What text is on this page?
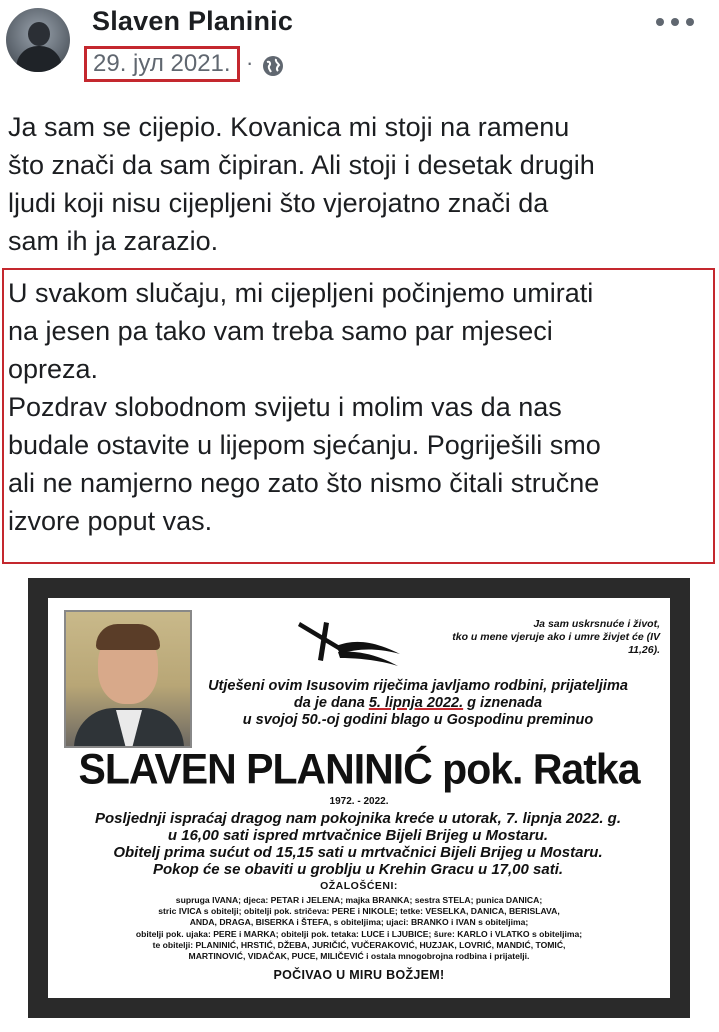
Slaven Planinic
29. јул 2021. ·

Ja sam se cijepio. Kovanica mi stoji na ramenu

što znači da sam čipiran. Ali stoji i desetak drugih

ljudi koji nisu cijepljeni što vjerojatno znači da

sam ih ja zarazio.

U svakom slučaju, mi cijepljeni počinjemo umirati

na jesen pa tako vam treba samo par mjeseci

opreza.

Pozdrav slobodnom svijetu i molim vas da nas

budale ostavite u lijepom sjećanju. Pogriješili smo

ali ne namjerno nego zato što nismo čitali stručne

izvore poput vas.

Ja sam uskrsnuće i život,
tko u mene vjeruje ako i umre živjet će (IV 11,26).
Utješeni ovim Isusovim riječima javljamo rodbini, prijateljima
da je dana 5. lipnja 2022. g iznenada
u svojoj 50.-oj godini blago u Gospodinu preminuo
SLAVEN PLANINIĆ pok. Ratka
1972. - 2022.
Posljednji ispraćaj dragog nam pokojnika kreće u utorak, 7. lipnja 2022. g.
u 16,00 sati ispred mrtvačnice Bijeli Brijeg u Mostaru.
Obitelj prima sućut od 15,15 sati u mrtvačnici Bijeli Brijeg u Mostaru.
Pokop će se obaviti u groblju u Krehin Gracu u 17,00 sati.
OŽALOŠĆENI:

supruga IVANA; djeca: PETAR i JELENA; majka BRANKA; sestra STELA; punica DANICA;

stric IVICA s obitelji; obitelji pok. stričeva: PERE i NIKOLE; tetke: VESELKA, DANICA, BERISLAVA,

ANDA, DRAGA, BISERKA i ŠTEFA, s obiteljima; ujaci: BRANKO i IVAN s obiteljima;

obitelji pok. ujaka: PERE i MARKA; obitelji pok. tetaka: LUCE i LJUBICE; šure: KARLO i VLATKO s obiteljima;

te obitelji: PLANINIĆ, HRSTIĆ, DŽEBA, JURIČIĆ, VUČERAKOVIĆ, HUZJAK, LOVRIĆ, MANDIĆ, TOMIĆ,

MARTINOVIĆ, VIDAČAK, PUCE, MILIČEVIĆ i ostala mnogobrojna rodbina i prijatelji.

POČIVAO U MIRU BOŽJEM!
